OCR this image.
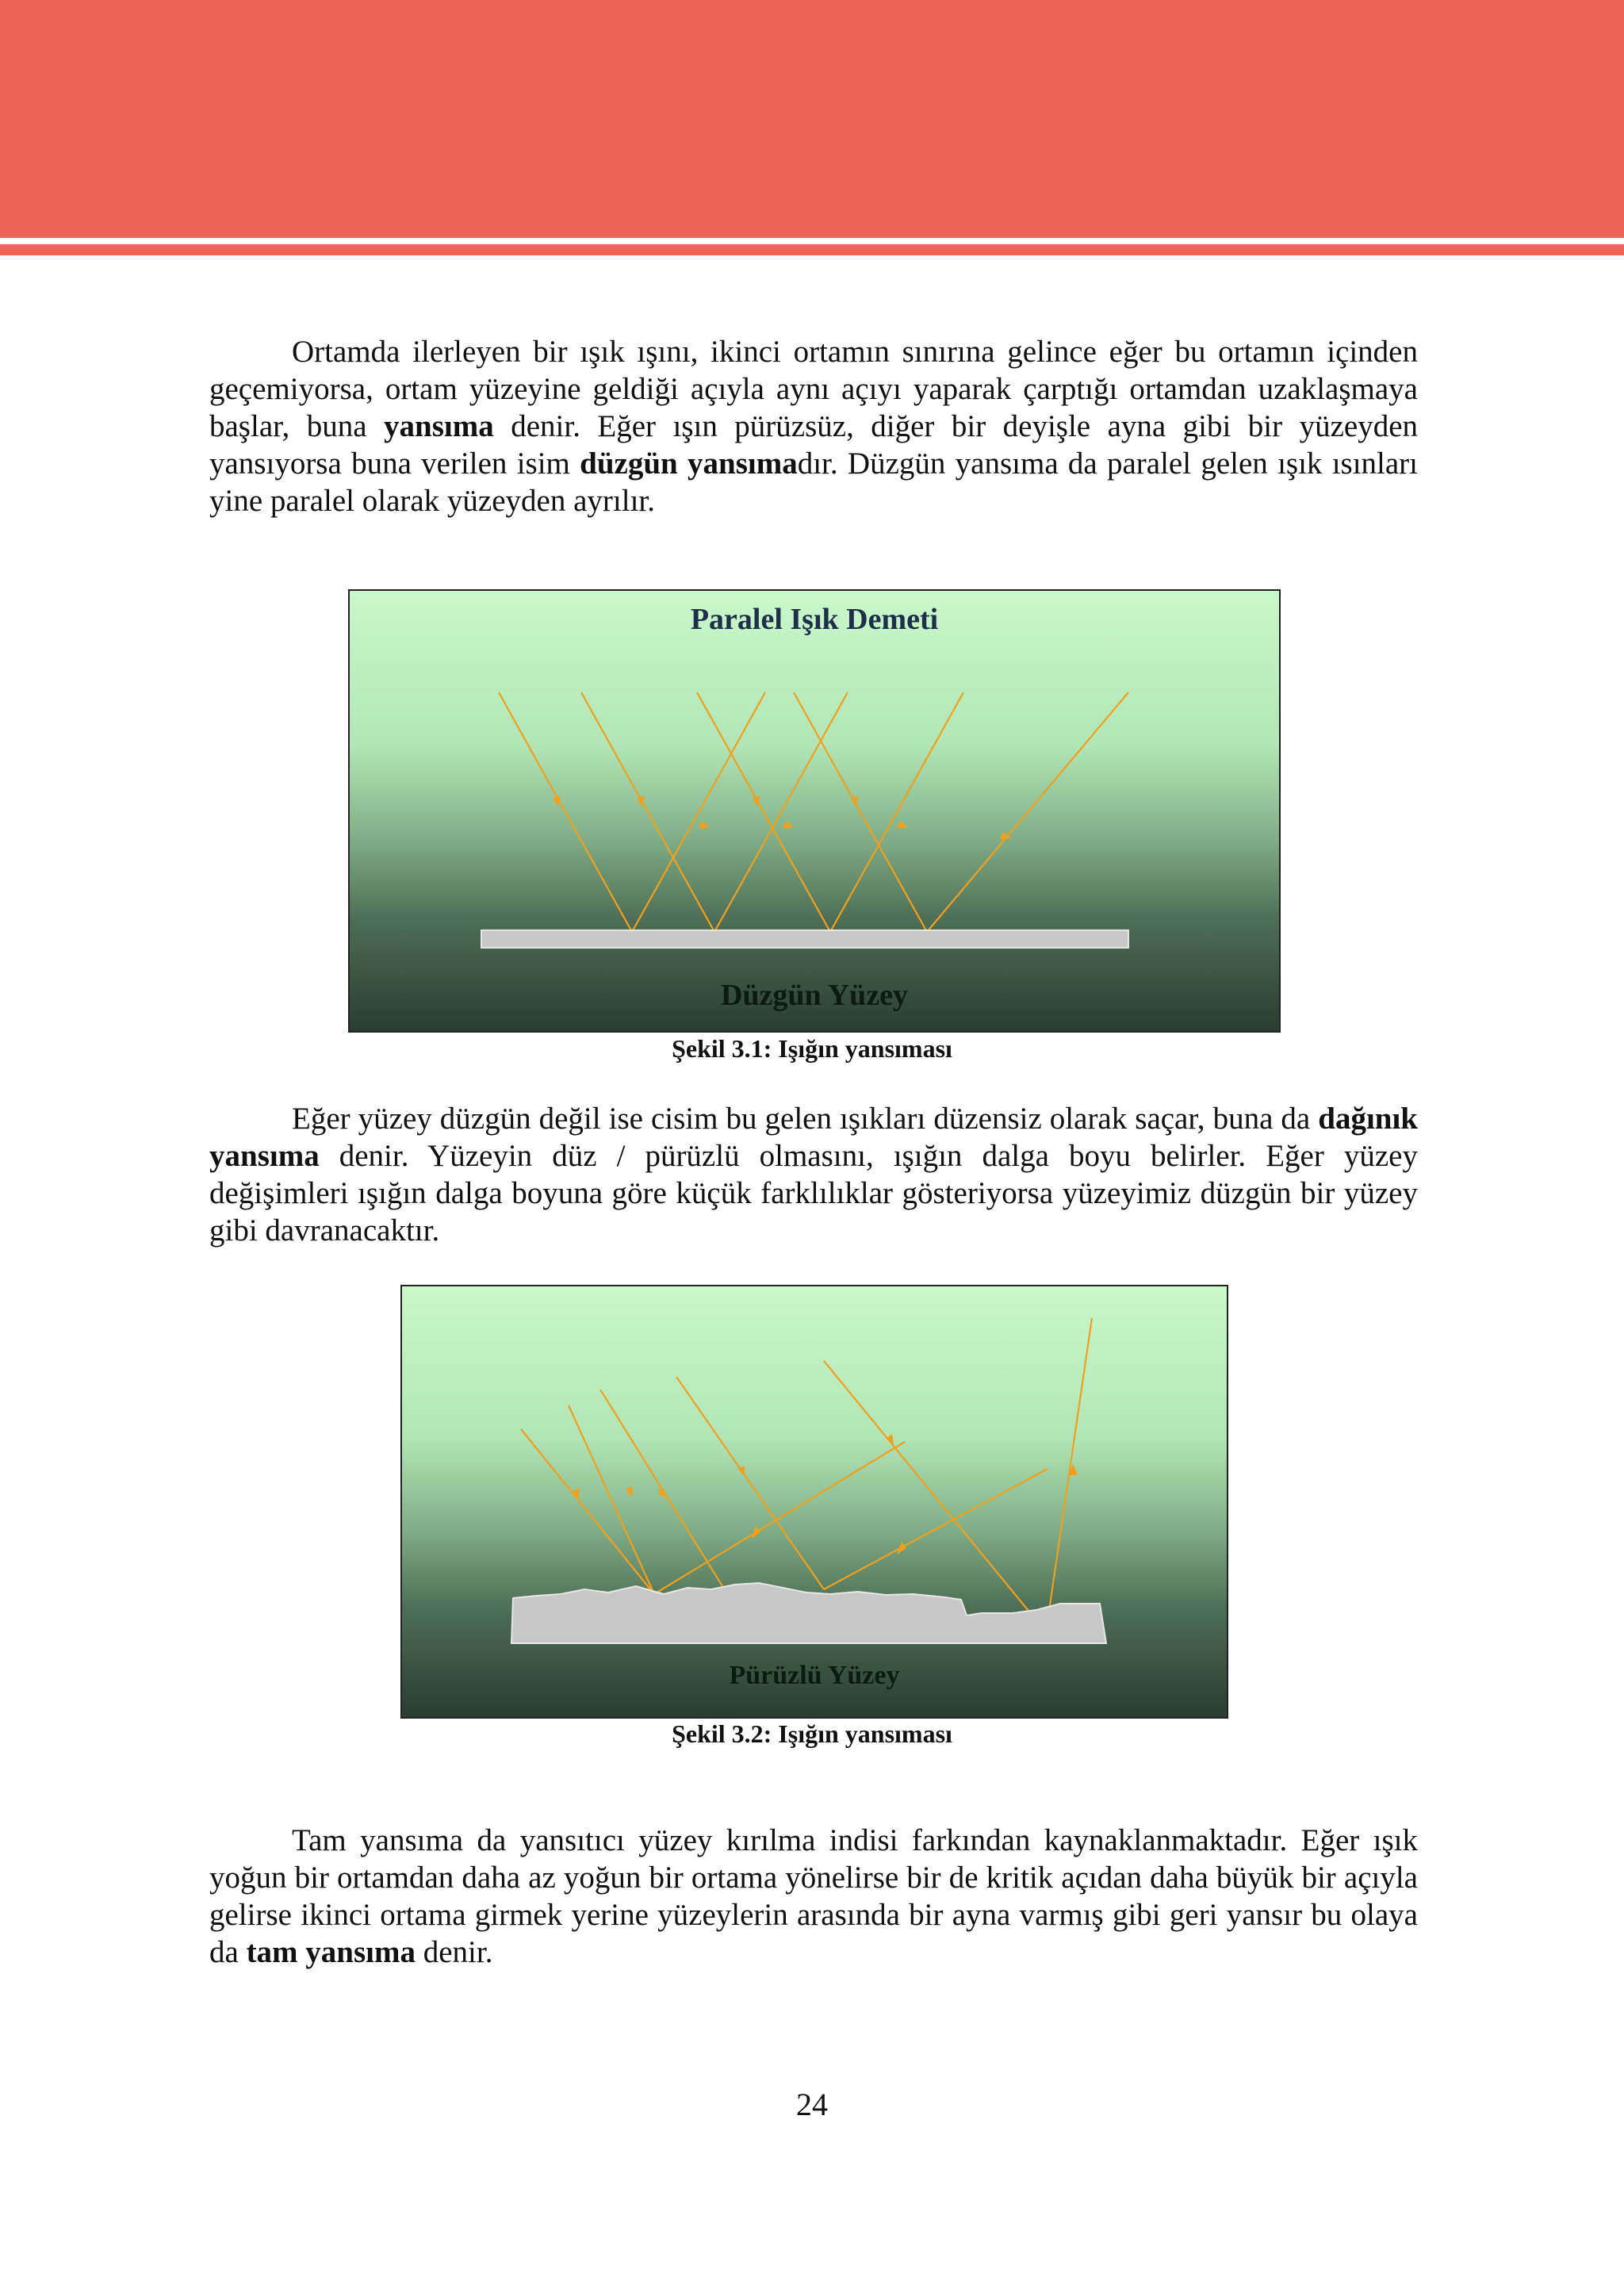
Ortamda ilerleyen bir ışık ışını, ikinci ortamın sınırına gelince eğer bu ortamın içinden geçemiyorsa, ortam yüzeyine geldiği açıyla aynı açıyı yaparak çarptığı ortamdan uzaklaşmaya başlar, buna yansıma denir. Eğer ışın pürüzsüz, diğer bir deyişle ayna gibi bir yüzeyden yansıyorsa buna verilen isim düzgün yansımadır. Düzgün yansıma da paralel gelen ışık ısınları yine paralel olarak yüzeyden ayrılır.

Paralel Işık Demeti
Düzgün Yüzey

Şekil 3.1: Işığın yansıması

Eğer yüzey düzgün değil ise cisim bu gelen ışıkları düzensiz olarak saçar, buna da dağınık yansıma denir. Yüzeyin düz / pürüzlü olmasını, ışığın dalga boyu belirler. Eğer yüzey değişimleri ışığın dalga boyuna göre küçük farklılıklar gösteriyorsa yüzeyimiz düzgün bir yüzey gibi davranacaktır.

Pürüzlü Yüzey

Şekil 3.2: Işığın yansıması

Tam yansıma da yansıtıcı yüzey kırılma indisi farkından kaynaklanmaktadır. Eğer ışık yoğun bir ortamdan daha az yoğun bir ortama yönelirse bir de kritik açıdan daha büyük bir açıyla gelirse ikinci ortama girmek yerine yüzeylerin arasında bir ayna varmış gibi geri yansır bu olaya da tam yansıma denir.

24
